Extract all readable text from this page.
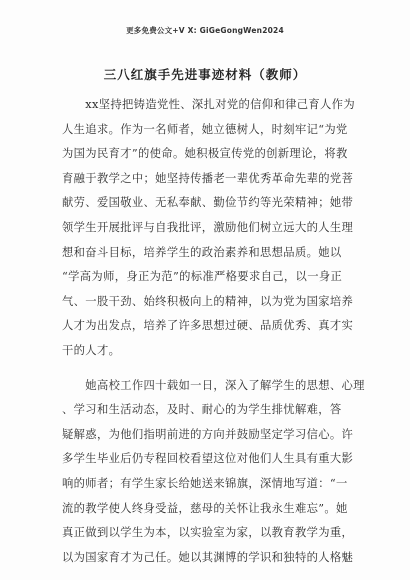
更多免费公文+V X: GiGeGongWen2024
三八红旗手先进事迹材料（教师）
　　xx坚持把铸造党性、深扎对党的信仰和律己育人作为
人生追求。作为一名师者，她立德树人，时刻牢记“为党
为国为民育才”的使命。她积极宣传党的创新理论，将教
育融于教学之中；她坚持传播老一辈优秀革命先辈的党菩
献劳、爱国敬业、无私奉献、勤俭节约等光荣精神；她带
领学生开展批评与自我批评，激励他们树立远大的人生理
想和奋斗目标，培养学生的政治素养和思想品质。她以
“学高为师，身正为范”的标准严格要求自己，以一身正
气、一股干劲、始终积极向上的精神，以为党为国家培养
人才为出发点，培养了许多思想过硬、品质优秀、真才实
干的人才。
　　她高校工作四十载如一日，深入了解学生的思想、心理
、学习和生活动态，及时、耐心的为学生排忧解难，答
疑解惑，为他们指明前进的方向并鼓励坚定学习信心。许
多学生毕业后仍专程回校看望这位对他们人生具有重大影
响的师者；有学生家长给她送来锦旗，深情地写道：“一
流的教学使人终身受益，慈母的关怀让我永生难忘”。她
真正做到以学生为本，以实验室为家，以教育教学为重，
以为国家育才为己任。她以其渊博的学识和独特的人格魅
